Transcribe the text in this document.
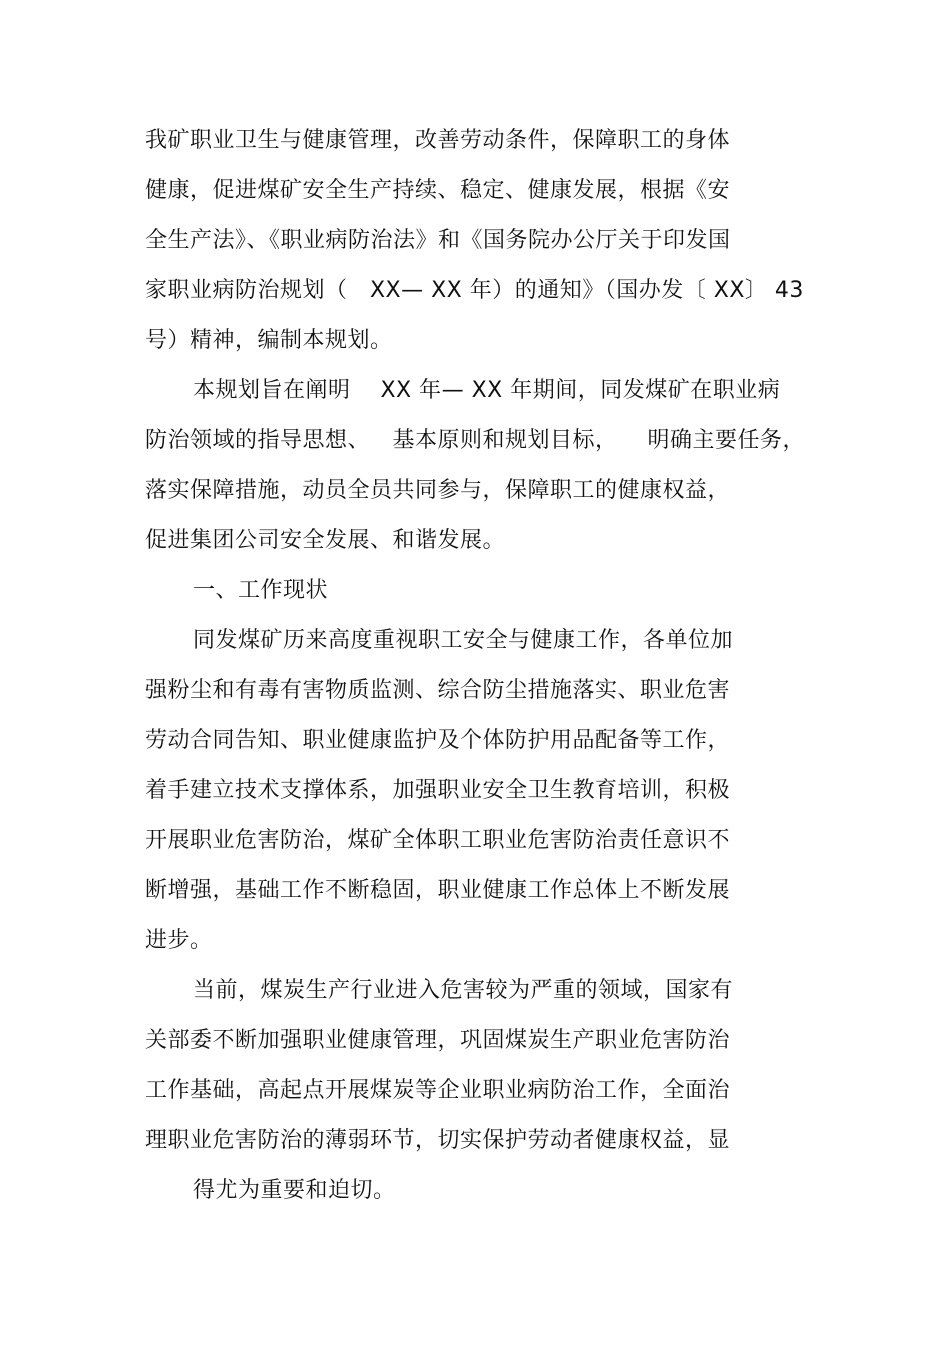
我矿职业卫生与健康管理，改善劳动条件，保障职工的身体
健康，促进煤矿安全生产持续、稳定、健康发展，根据《安
全生产法》、《职业病防治法》和《国务院办公厅关于印发国
家职业病防治规划（   XX— XX 年）的通知》（国办发〔 XX〕 43
号）精神，编制本规划。
本规划旨在阐明    XX 年— XX 年期间，同发煤矿在职业病
防治领域的指导思想、   基本原则和规划目标，    明确主要任务，
落实保障措施，动员全员共同参与，保障职工的健康权益，
促进集团公司安全发展、和谐发展。
一、工作现状
同发煤矿历来高度重视职工安全与健康工作，各单位加
强粉尘和有毒有害物质监测、综合防尘措施落实、职业危害
劳动合同告知、职业健康监护及个体防护用品配备等工作，
着手建立技术支撑体系，加强职业安全卫生教育培训，积极
开展职业危害防治，煤矿全体职工职业危害防治责任意识不
断增强，基础工作不断稳固，职业健康工作总体上不断发展
进步。
当前，煤炭生产行业进入危害较为严重的领域，国家有
关部委不断加强职业健康管理，巩固煤炭生产职业危害防治
工作基础，高起点开展煤炭等企业职业病防治工作，全面治
理职业危害防治的薄弱环节，切实保护劳动者健康权益，显
得尤为重要和迫切。
